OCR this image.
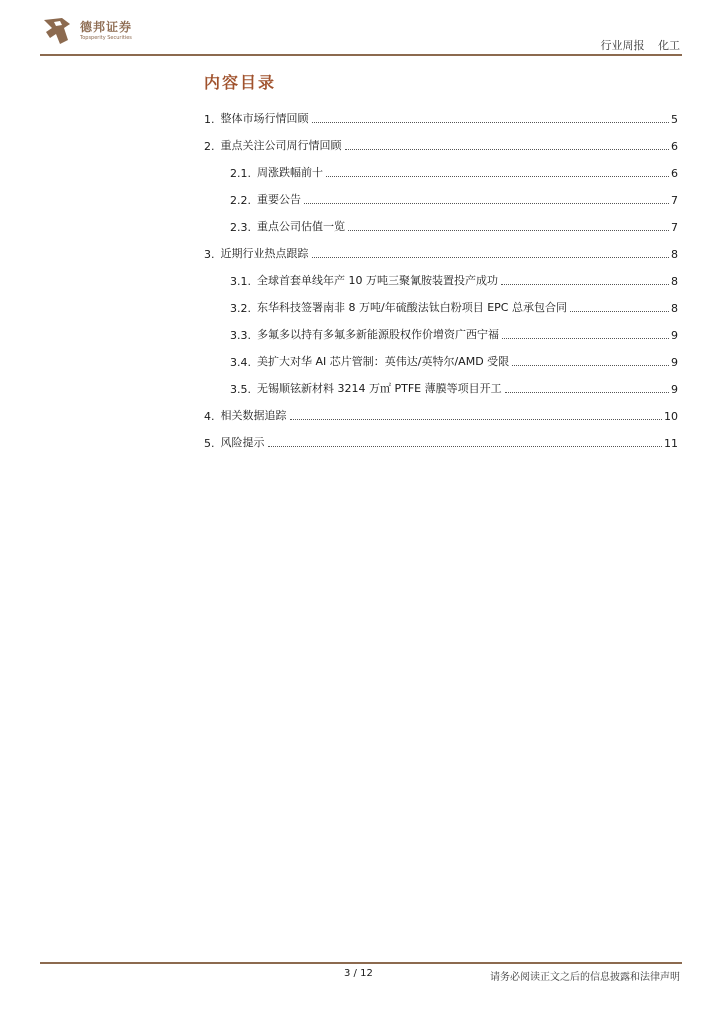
德邦证券
Topsperity Securities
行业周报 化工
内容目录
1. 整体市场行情回顾	5
2. 重点关注公司周行情回顾	6
2.1. 周涨跌幅前十	6
2.2. 重要公告	7
2.3. 重点公司估值一览	7
3. 近期行业热点跟踪	8
3.1. 全球首套单线年产 10 万吨三聚氰胺装置投产成功	8
3.2. 东华科技签署南非 8 万吨/年硫酸法钛白粉项目 EPC 总承包合同	8
3.3. 多氟多以持有多氟多新能源股权作价增资广西宁福	9
3.4. 美扩大对华 AI 芯片管制：英伟达/英特尔/AMD 受限	9
3.5. 无锡顺铉新材料 3214 万㎡ PTFE 薄膜等项目开工	9
4. 相关数据追踪	10
5. 风险提示	11
3 / 12	请务必阅读正文之后的信息披露和法律声明
